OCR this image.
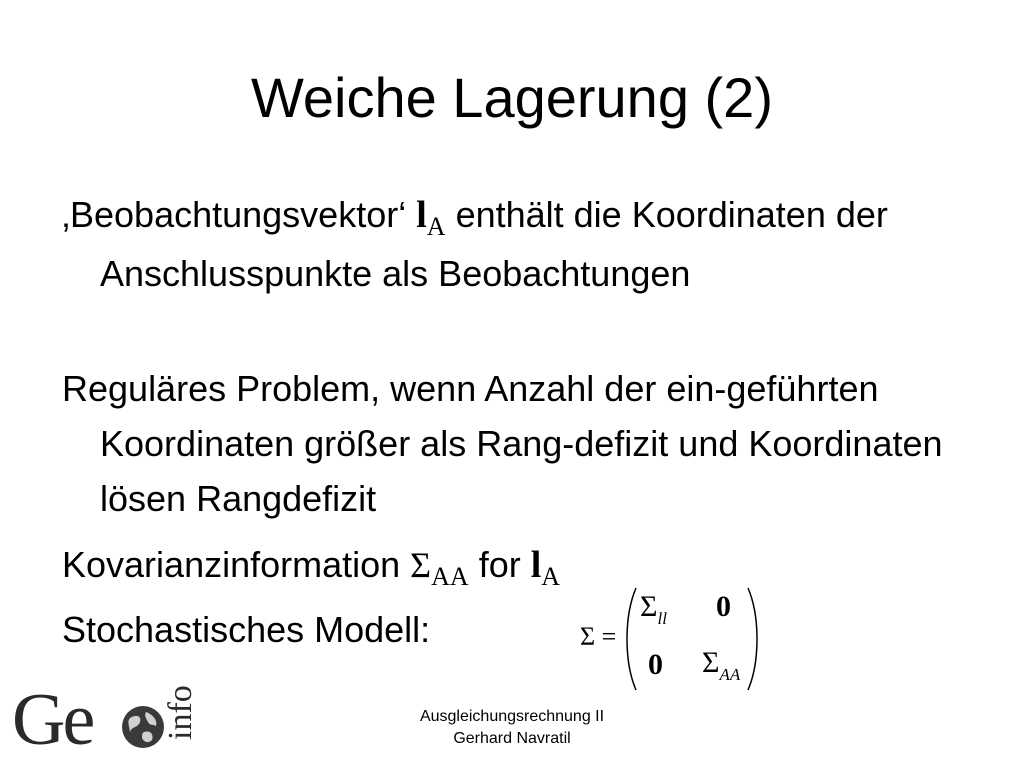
Weiche Lagerung (2)
‚Beobachtungsvektor‘ $l_A$ enthält die Koordinaten der Anschlusspunkte als Beobachtungen
Reguläres Problem, wenn Anzahl der ein-geführten Koordinaten größer als Rang-defizit und Koordinaten lösen Rangdefizit
Kovarianzinformation $\Sigma_{AA}$ for $l_A$
Stochastisches Modell:	Σ =
$\Sigma_{ll}$ 0
0 $\Sigma_{AA}$
Ge info	Ausgleichungsrechnung II
Gerhard Navratil
